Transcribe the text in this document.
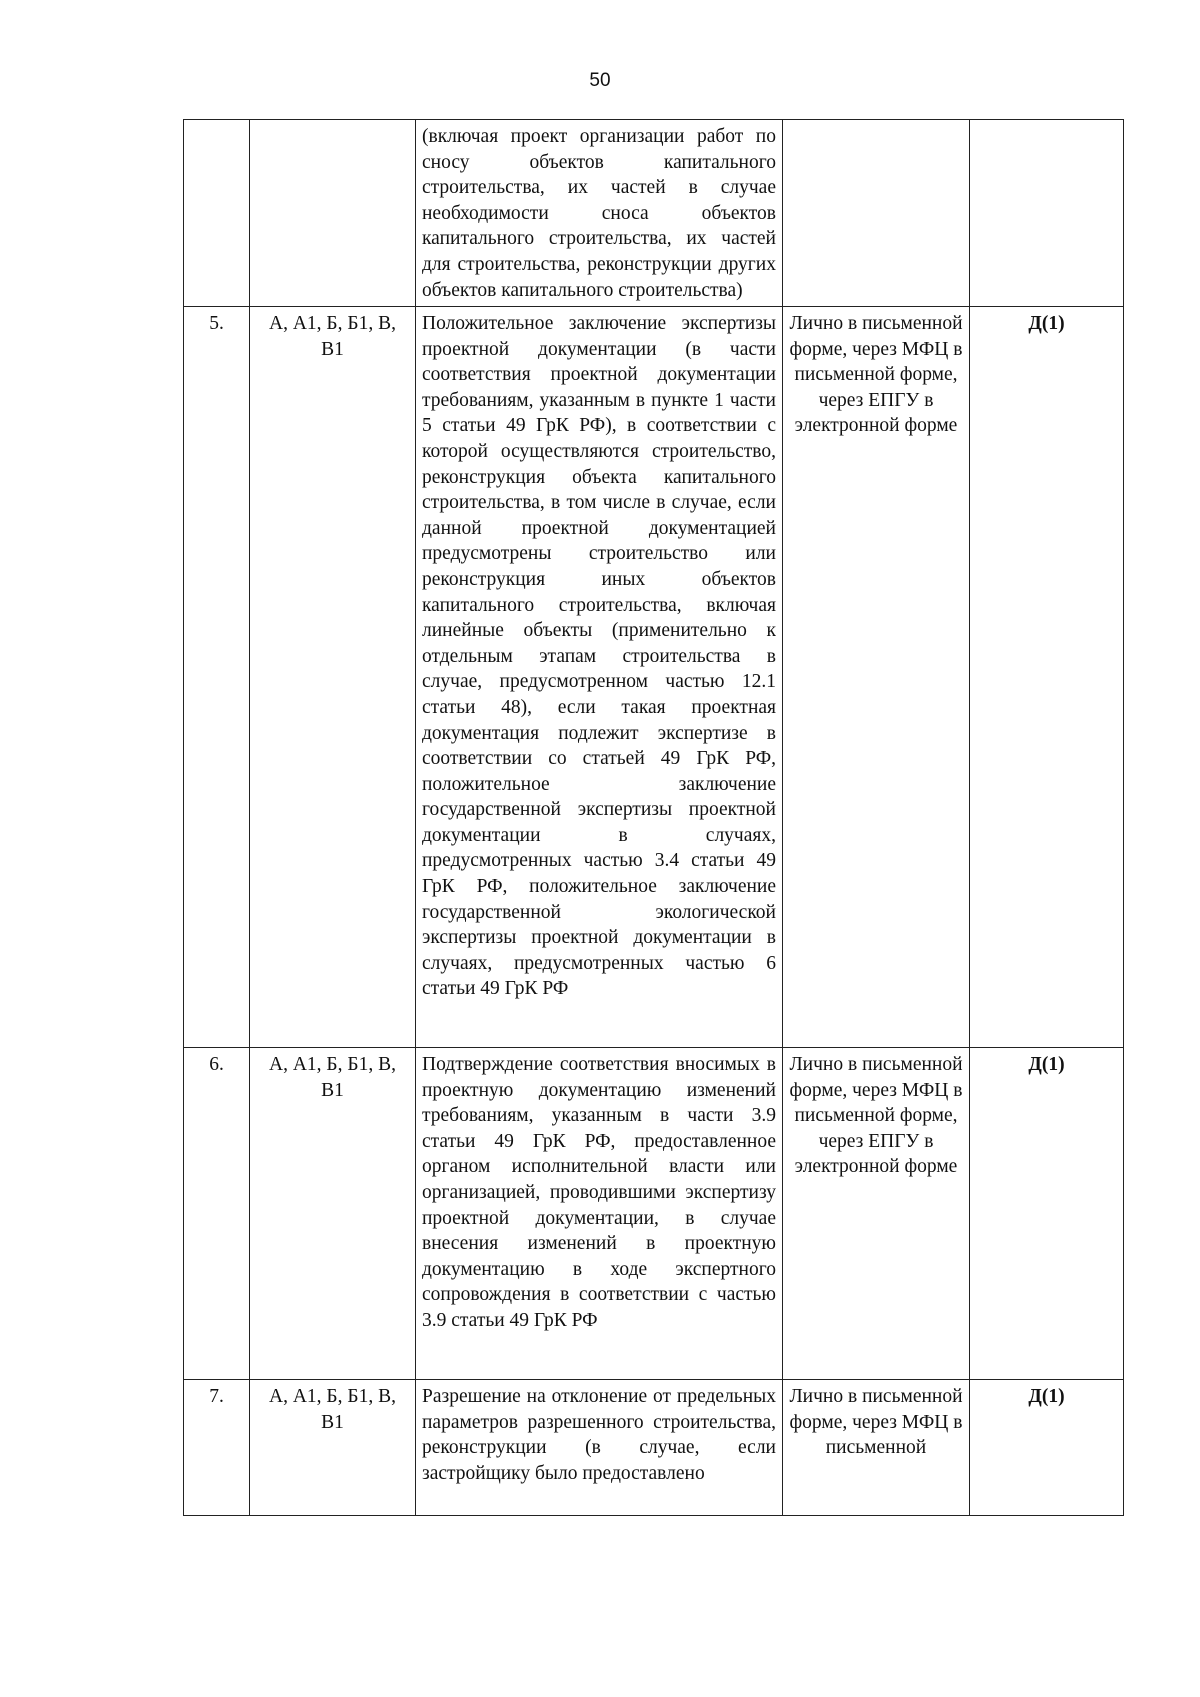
50
		(включая проект организации работ по сносу объектов капитального строительства, их частей в случае необходимости сноса объектов капитального строительства, их частей для строительства, реконструкции других объектов капитального строительства)		
5.	А, А1, Б, Б1, В, В1	Положительное заключение экспертизы проектной документации (в части соответствия проектной документации требованиям, указанным в пункте 1 части 5 статьи 49 ГрК РФ), в соответствии с которой осуществляются строительство, реконструкция объекта капитального строительства, в том числе в случае, если данной проектной документацией предусмотрены строительство или реконструкция иных объектов капитального строительства, включая линейные объекты (применительно к отдельным этапам строительства в случае, предусмотренном частью 12.1 статьи 48), если такая проектная документация подлежит экспертизе в соответствии со статьей 49 ГрК РФ, положительное заключение государственной экспертизы проектной документации в случаях, предусмотренных частью 3.4 статьи 49 ГрК РФ, положительное заключение государственной экологической экспертизы проектной документации в случаях, предусмотренных частью 6 статьи 49 ГрК РФ	Лично в письменной форме, через МФЦ в письменной форме, через ЕПГУ в электронной форме	Д(1)
6.	А, А1, Б, Б1, В, В1	Подтверждение соответствия вносимых в проектную документацию изменений требованиям, указанным в части 3.9 статьи 49 ГрК РФ, предоставленное органом исполнительной власти или организацией, проводившими экспертизу проектной документации, в случае внесения изменений в проектную документацию в ходе экспертного сопровождения в соответствии с частью 3.9 статьи 49 ГрК РФ	Лично в письменной форме, через МФЦ в письменной форме, через ЕПГУ в электронной форме	Д(1)
7.	А, А1, Б, Б1, В, В1	Разрешение на отклонение от предельных параметров разрешенного строительства, реконструкции (в случае, если застройщику было предоставлено	Лично в письменной форме, через МФЦ в письменной	Д(1)
